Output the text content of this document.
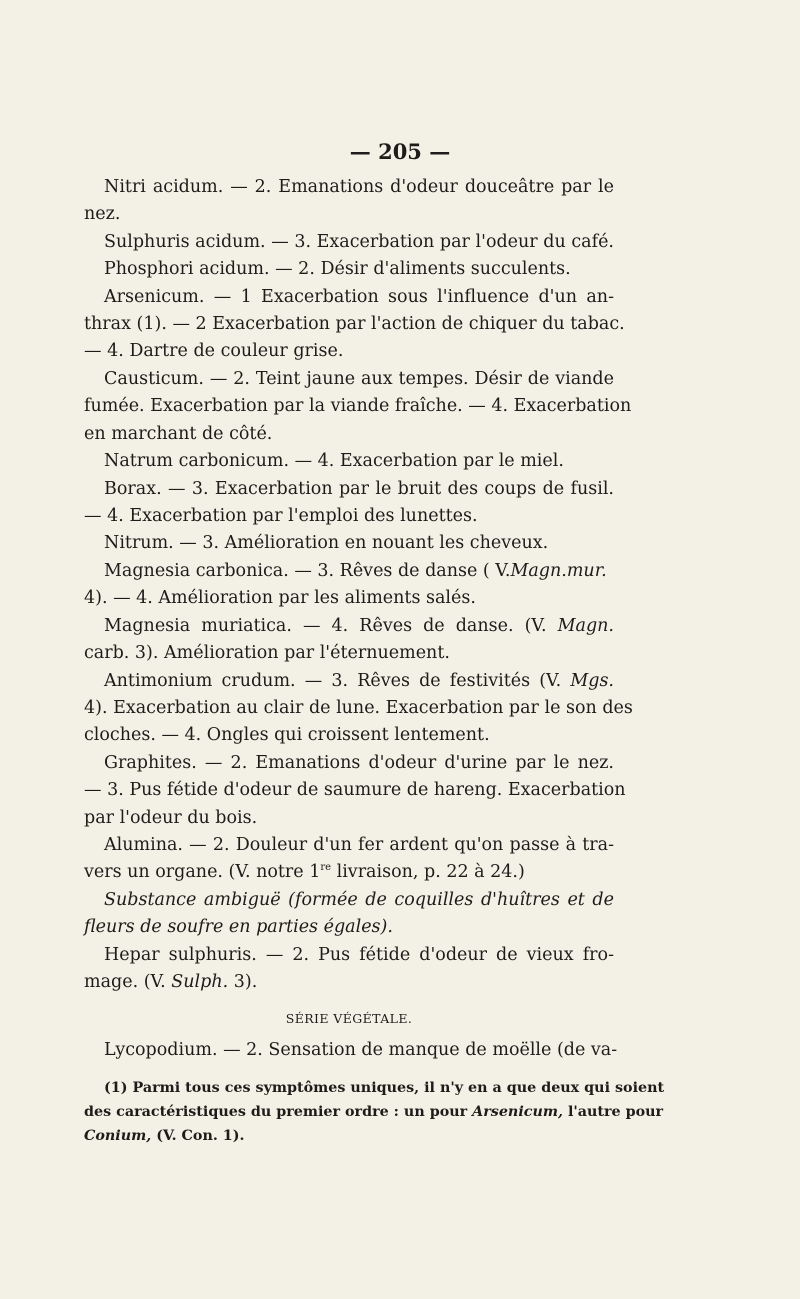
— 205 —
Nitri acidum. — 2. Emanations d'odeur douceâtre par le
nez.
Sulphuris acidum. — 3. Exacerbation par l'odeur du café.
Phosphori acidum. — 2. Désir d'aliments succulents.
Arsenicum. — 1 Exacerbation sous l'influence d'un an-
thrax (1). — 2 Exacerbation par l'action de chiquer du tabac.
— 4. Dartre de couleur grise.
Causticum. — 2. Teint jaune aux tempes. Désir de viande
fumée. Exacerbation par la viande fraîche. — 4. Exacerbation
en marchant de côté.
Natrum carbonicum. — 4. Exacerbation par le miel.
Borax. — 3. Exacerbation par le bruit des coups de fusil.
— 4. Exacerbation par l'emploi des lunettes.
Nitrum. — 3. Amélioration en nouant les cheveux.
Magnesia carbonica. — 3. Rêves de danse ( V.Magn.mur.
4). — 4. Amélioration par les aliments salés.
Magnesia muriatica. — 4. Rêves de danse. (V. Magn.
carb. 3). Amélioration par l'éternuement.
Antimonium crudum. — 3. Rêves de festivités (V. Mgs.
4). Exacerbation au clair de lune. Exacerbation par le son des
cloches. — 4. Ongles qui croissent lentement.
Graphites. — 2. Emanations d'odeur d'urine par le nez.
— 3. Pus fétide d'odeur de saumure de hareng. Exacerbation
par l'odeur du bois.
Alumina. — 2. Douleur d'un fer ardent qu'on passe à tra-
vers un organe. (V. notre 1re livraison, p. 22 à 24.)
Substance ambiguë (formée de coquilles d'huîtres et de
fleurs de soufre en parties égales).
Hepar sulphuris. — 2. Pus fétide d'odeur de vieux fro-
mage. (V. Sulph. 3).
SÉRIE VÉGÉTALE.
Lycopodium. — 2. Sensation de manque de moëlle (de va-
(1) Parmi tous ces symptômes uniques, il n'y en a que deux qui soient
des caractéristiques du premier ordre : un pour Arsenicum, l'autre pour
Conium, (V. Con. 1).
